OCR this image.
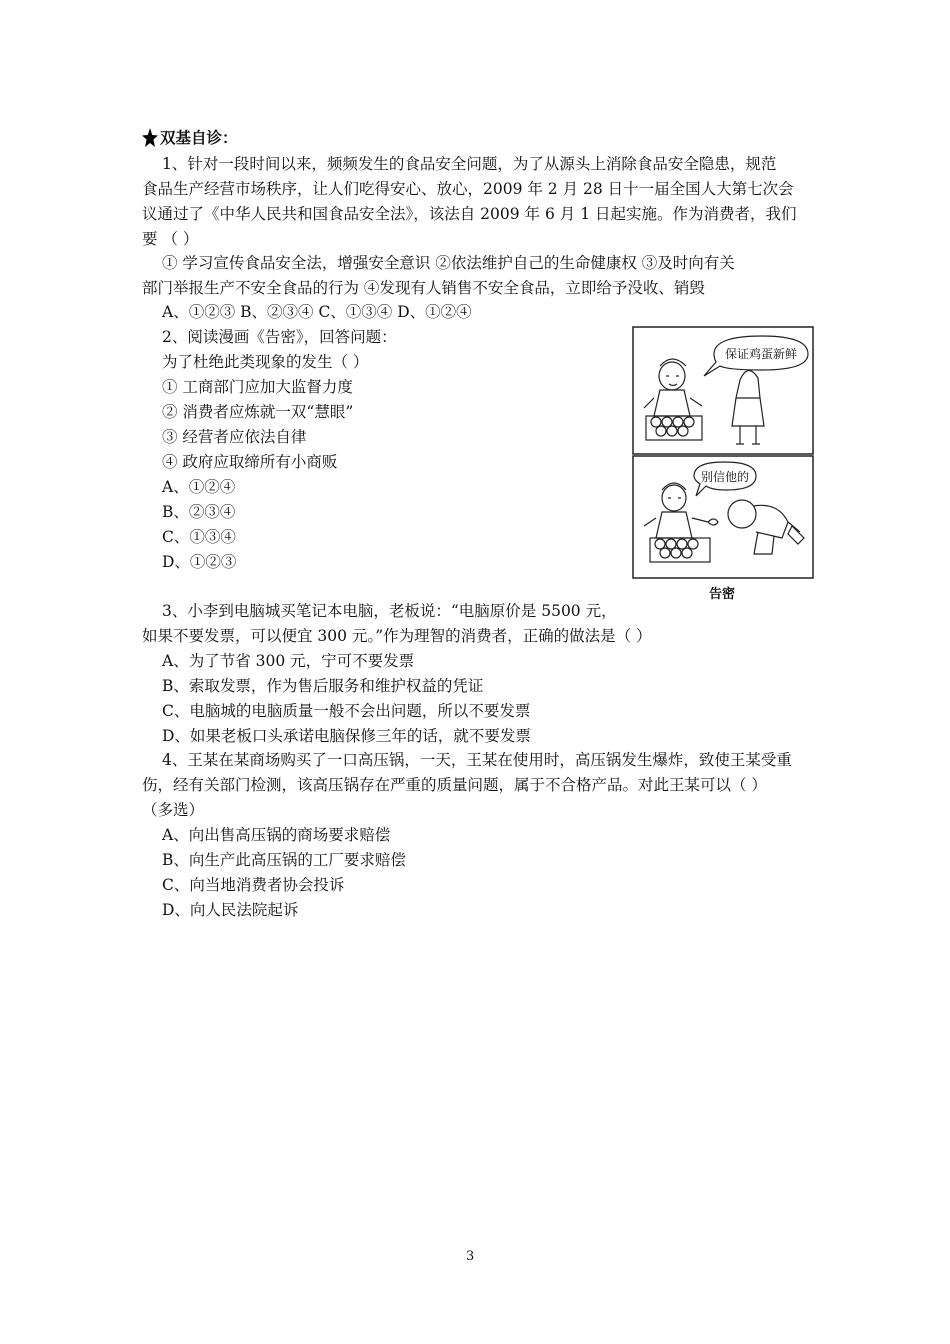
双基自诊：
1、针对一段时间以来，频频发生的食品安全问题，为了从源头上消除食品安全隐患，规范
食品生产经营市场秩序，让人们吃得安心、放心，2009 年 2 月 28 日十一届全国人大第七次会
议通过了《中华人民共和国食品安全法》，该法自 2009 年 6 月 1 日起实施。作为消费者，我们
要 （ ）
① 学习宣传食品安全法，增强安全意识 ②依法维护自己的生命健康权 ③及时向有关
部门举报生产不安全食品的行为 ④发现有人销售不安全食品，立即给予没收、销毁
A、①②③ B、②③④ C、①③④ D、①②④
2、阅读漫画《告密》，回答问题：
为了杜绝此类现象的发生（ ）
① 工商部门应加大监督力度
② 消费者应炼就一双“慧眼”
③ 经营者应依法自律
④ 政府应取缔所有小商贩
A、①②④
B、②③④
C、①③④
D、①②③
保证鸡蛋新鲜
别信他的
告密
3、小李到电脑城买笔记本电脑，老板说：“电脑原价是 5500 元，
如果不要发票，可以便宜 300 元。”作为理智的消费者，正确的做法是（ ）
A、为了节省 300 元，宁可不要发票
B、索取发票，作为售后服务和维护权益的凭证
C、电脑城的电脑质量一般不会出问题，所以不要发票
D、如果老板口头承诺电脑保修三年的话，就不要发票
4、王某在某商场购买了一口高压锅，一天，王某在使用时，高压锅发生爆炸，致使王某受重
伤，经有关部门检测，该高压锅存在严重的质量问题，属于不合格产品。对此王某可以（ ）
（多选）
A、向出售高压锅的商场要求赔偿
B、向生产此高压锅的工厂要求赔偿
C、向当地消费者协会投诉
D、向人民法院起诉
3
